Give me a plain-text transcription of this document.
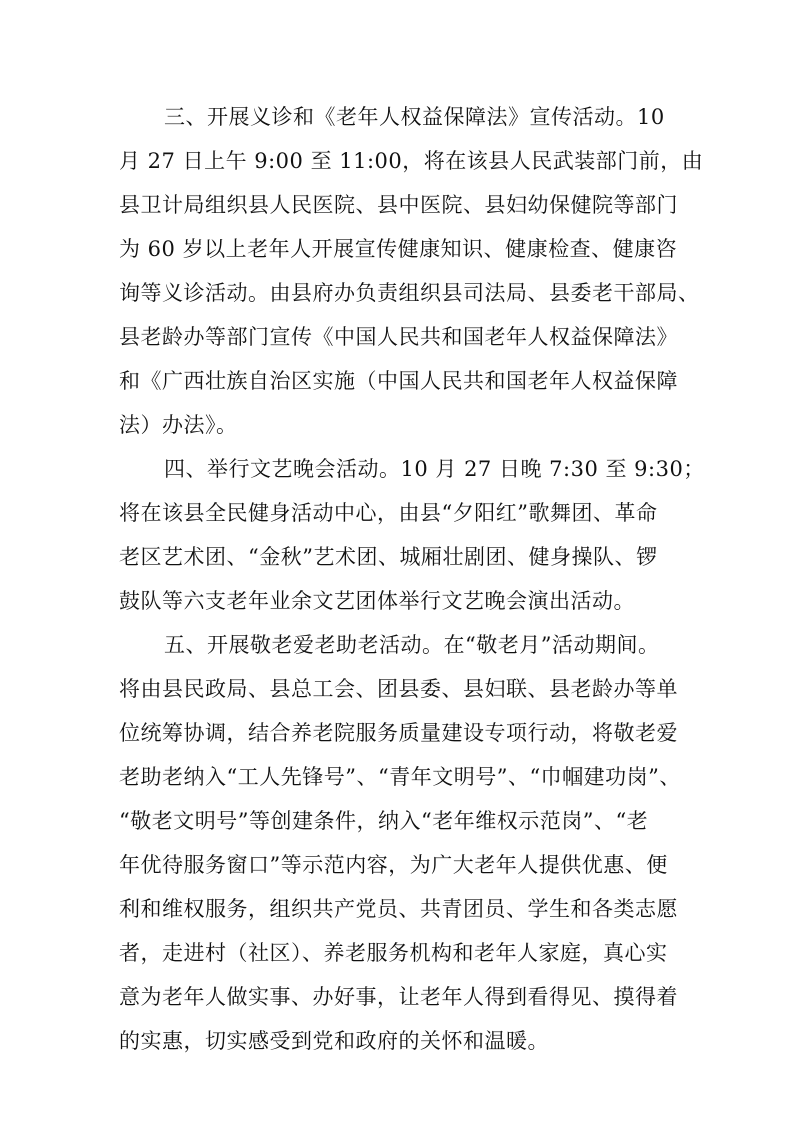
三、开展义诊和《老年人权益保障法》宣传活动。10
月 27 日上午 9:00 至 11:00，将在该县人民武装部门前，由
县卫计局组织县人民医院、县中医院、县妇幼保健院等部门
为 60 岁以上老年人开展宣传健康知识、健康检查、健康咨
询等义诊活动。由县府办负责组织县司法局、县委老干部局、
县老龄办等部门宣传《中国人民共和国老年人权益保障法》
和《广西壮族自治区实施（中国人民共和国老年人权益保障
法）办法》。
四、举行文艺晚会活动。10 月 27 日晚 7:30 至 9:30；
将在该县全民健身活动中心，由县“夕阳红”歌舞团、革命
老区艺术团、“金秋”艺术团、城厢壮剧团、健身操队、锣
鼓队等六支老年业余文艺团体举行文艺晚会演出活动。
五、开展敬老爱老助老活动。在“敬老月”活动期间。
将由县民政局、县总工会、团县委、县妇联、县老龄办等单
位统筹协调，结合养老院服务质量建设专项行动，将敬老爱
老助老纳入“工人先锋号”、“青年文明号”、“巾帼建功岗”、
“敬老文明号”等创建条件，纳入“老年维权示范岗”、“老
年优待服务窗口”等示范内容，为广大老年人提供优惠、便
利和维权服务，组织共产党员、共青团员、学生和各类志愿
者，走进村（社区）、养老服务机构和老年人家庭，真心实
意为老年人做实事、办好事，让老年人得到看得见、摸得着
的实惠，切实感受到党和政府的关怀和温暖。
